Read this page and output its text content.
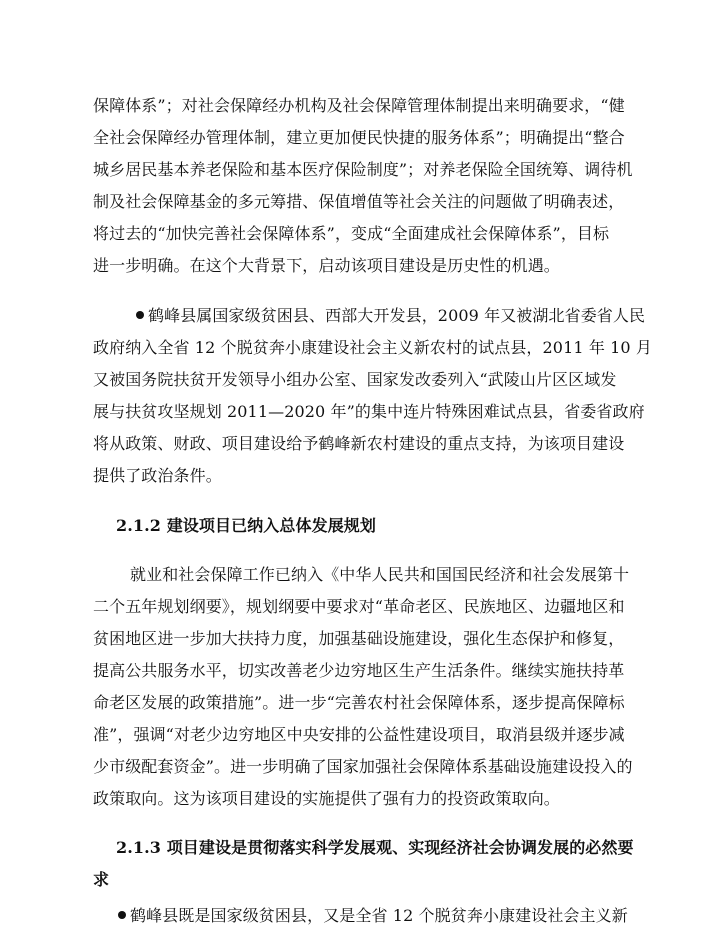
保障体系”；对社会保障经办机构及社会保障管理体制提出来明确要求，“健
全社会保障经办管理体制，建立更加便民快捷的服务体系”；明确提出“整合
城乡居民基本养老保险和基本医疗保险制度”；对养老保险全国统筹、调待机
制及社会保障基金的多元筹措、保值增值等社会关注的问题做了明确表述，
将过去的“加快完善社会保障体系”，变成“全面建成社会保障体系”，目标
进一步明确。在这个大背景下，启动该项目建设是历史性的机遇。
鹤峰县属国家级贫困县、西部大开发县，2009 年又被湖北省委省人民
政府纳入全省 12 个脱贫奔小康建设社会主义新农村的试点县，2011 年 10 月
又被国务院扶贫开发领导小组办公室、国家发改委列入“武陵山片区区域发
展与扶贫攻坚规划 2011—2020 年”的集中连片特殊困难试点县，省委省政府
将从政策、财政、项目建设给予鹤峰新农村建设的重点支持，为该项目建设
提供了政治条件。
2.1.2 建设项目已纳入总体发展规划
就业和社会保障工作已纳入《中华人民共和国国民经济和社会发展第十
二个五年规划纲要》，规划纲要中要求对“革命老区、民族地区、边疆地区和
贫困地区进一步加大扶持力度，加强基础设施建设，强化生态保护和修复，
提高公共服务水平，切实改善老少边穷地区生产生活条件。继续实施扶持革
命老区发展的政策措施”。进一步“完善农村社会保障体系，逐步提高保障标
准”，强调“对老少边穷地区中央安排的公益性建设项目，取消县级并逐步减
少市级配套资金”。进一步明确了国家加强社会保障体系基础设施建设投入的
政策取向。这为该项目建设的实施提供了强有力的投资政策取向。
2.1.3 项目建设是贯彻落实科学发展观、实现经济社会协调发展的必然要
求
鹤峰县既是国家级贫困县，又是全省 12 个脱贫奔小康建设社会主义新
